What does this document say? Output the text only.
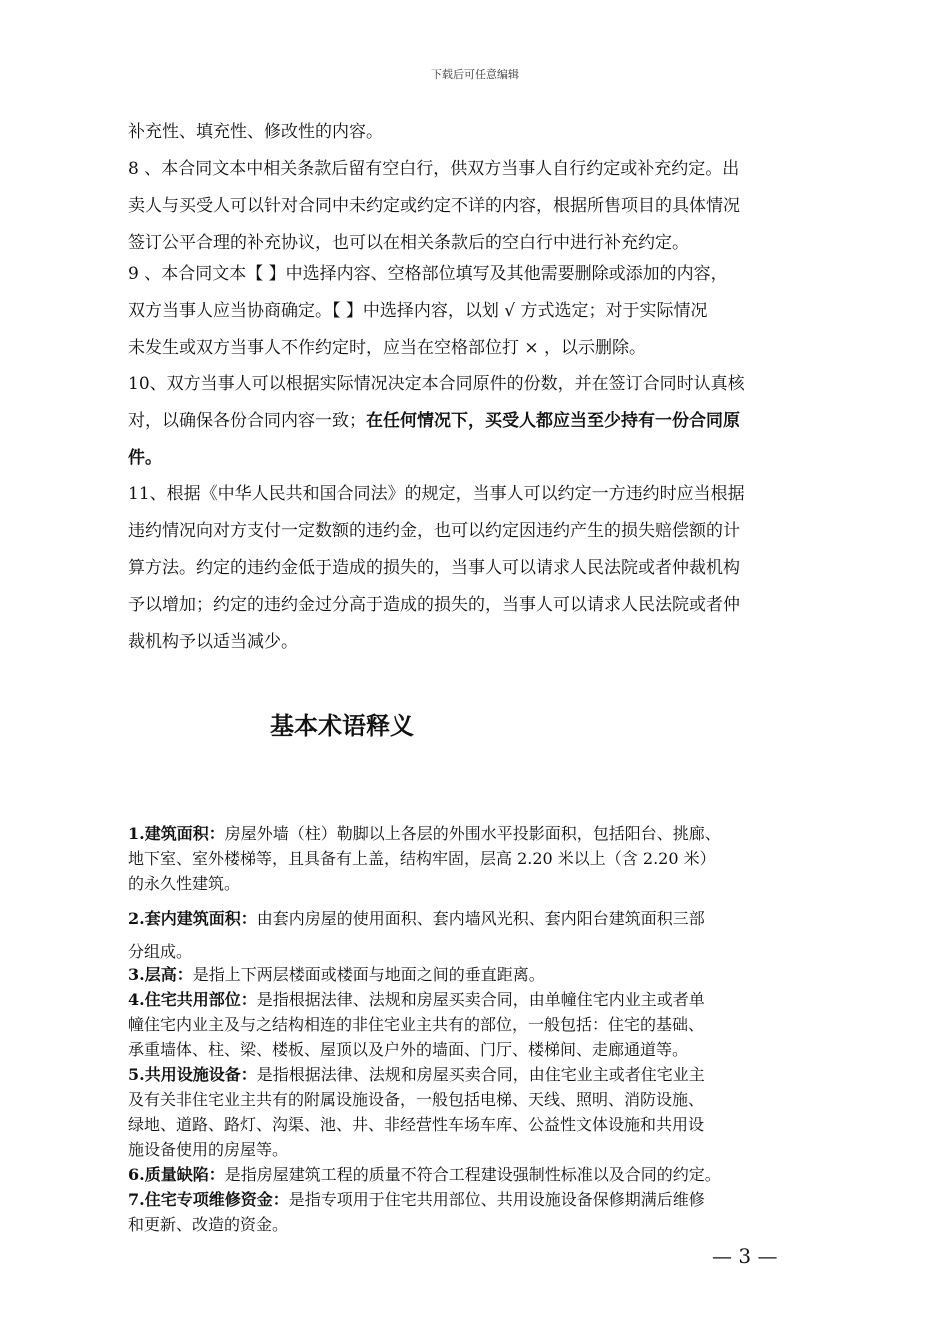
下载后可任意编辑

补充性、填充性、修改性的内容。

8 、本合同文本中相关条款后留有空白行，供双方当事人自行约定或补充约定。出
卖人与买受人可以针对合同中未约定或约定不详的内容，根据所售项目的具体情况
签订公平合理的补充协议，也可以在相关条款后的空白行中进行补充约定。

9 、本合同文本【 】中选择内容、空格部位填写及其他需要删除或添加的内容，
双方当事人应当协商确定。【 】中选择内容，以划 √ 方式选定；对于实际情况
未发生或双方当事人不作约定时，应当在空格部位打 × ，以示删除。

10、双方当事人可以根据实际情况决定本合同原件的份数，并在签订合同时认真核
对，以确保各份合同内容一致；在任何情况下，买受人都应当至少持有一份合同原
件。

11、根据《中华人民共和国合同法》的规定，当事人可以约定一方违约时应当根据
违约情况向对方支付一定数额的违约金，也可以约定因违约产生的损失赔偿额的计
算方法。约定的违约金低于造成的损失的，当事人可以请求人民法院或者仲裁机构
予以增加；约定的违约金过分高于造成的损失的，当事人可以请求人民法院或者仲
裁机构予以适当减少。

基本术语释义

1.建筑面积：房屋外墙（柱）勒脚以上各层的外围水平投影面积，包括阳台、挑廊、
地下室、室外楼梯等，且具备有上盖，结构牢固，层高 2.20 米以上（含 2.20 米）
的永久性建筑。

2.套内建筑面积：由套内房屋的使用面积、套内墙风光积、套内阳台建筑面积三部
分组成。

3.层高：是指上下两层楼面或楼面与地面之间的垂直距离。

4.住宅共用部位：是指根据法律、法规和房屋买卖合同，由单幢住宅内业主或者单
幢住宅内业主及与之结构相连的非住宅业主共有的部位，一般包括：住宅的基础、
承重墙体、柱、梁、楼板、屋顶以及户外的墙面、门厅、楼梯间、走廊通道等。

5.共用设施设备：是指根据法律、法规和房屋买卖合同，由住宅业主或者住宅业主
及有关非住宅业主共有的附属设施设备，一般包括电梯、天线、照明、消防设施、
绿地、道路、路灯、沟渠、池、井、非经营性车场车库、公益性文体设施和共用设
施设备使用的房屋等。

6.质量缺陷：是指房屋建筑工程的质量不符合工程建设强制性标准以及合同的约定。

7.住宅专项维修资金：是指专项用于住宅共用部位、共用设施设备保修期满后维修
和更新、改造的资金。

— 3 —
